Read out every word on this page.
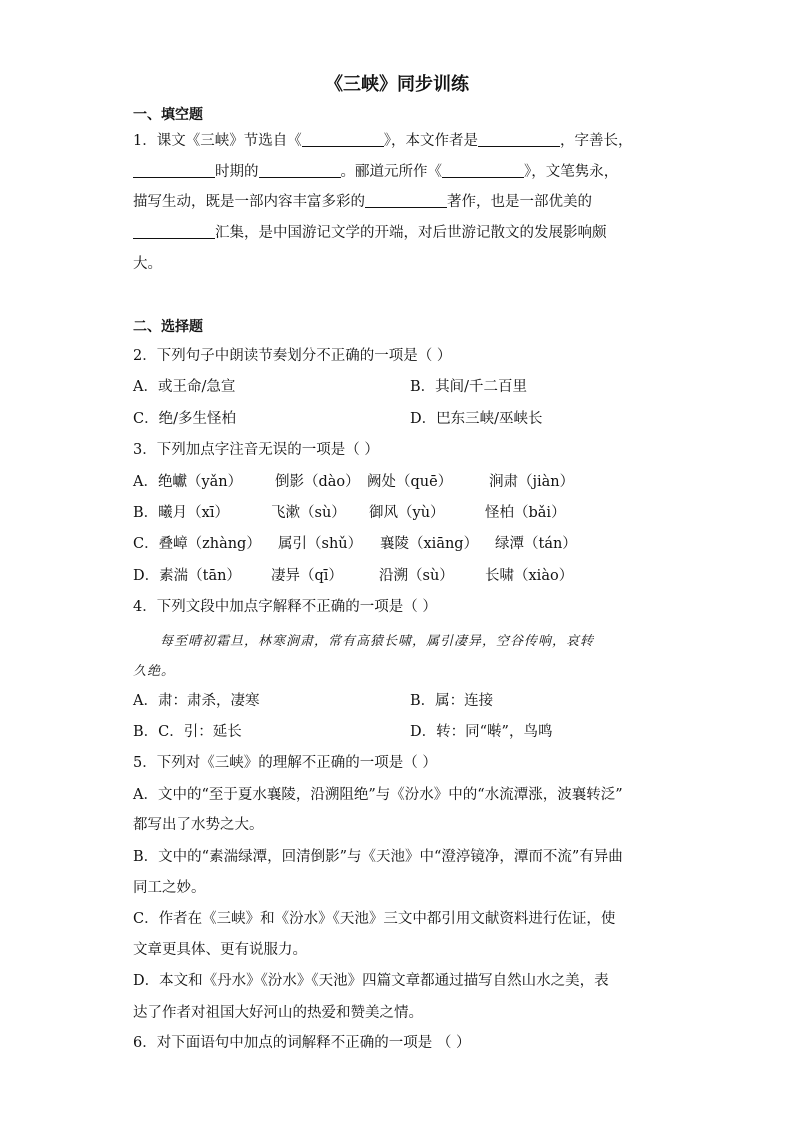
《三峡》同步训练
一、填空题
1．课文《三峡》节选自《	》，本文作者是	，字善长，
时期的	。郦道元所作《	》，文笔隽永，
描写生动，既是一部内容丰富多彩的	著作，也是一部优美的
汇集，是中国游记文学的开端，对后世游记散文的发展影响颇
大。
二、选择题
2．下列句子中朗读节奏划分不正确的一项是（ ）
A．或王命/急宣	B．其间/千二百里
C．绝/多生怪柏	D．巴东三峡/巫峡长
3．下列加点字注音无误的一项是（ ）
A．绝巘（yǎn） 倒影（dào） 阙处（quē）	涧肃（jiàn）
B．曦月（xī）	飞漱（sù） 御风（yù）	怪柏（bǎi）
C．叠嶂（zhàng） 属引（shǔ） 襄陵（xiāng） 绿潭（tán）
D．素湍（tān） 凄异（qī） 沿溯（sù） 长啸（xiào）
4．下列文段中加点字解释不正确的一项是（ ）
每至晴初霜旦，林寒涧肃，常有高猿长啸，属引凄异，空谷传响，哀转
久绝。
A．肃：肃杀，凄寒	B．属：连接
B．C．引：延长	D．转：同“啭”，鸟鸣
5．下列对《三峡》的理解不正确的一项是（ ）
A．文中的“至于夏水襄陵，沿溯阻绝”与《汾水》中的“水流潭涨，波襄转泛”
都写出了水势之大。
B．文中的“素湍绿潭，回清倒影”与《天池》中“澄渟镜净，潭而不流”有异曲
同工之妙。
C．作者在《三峡》和《汾水》《天池》三文中都引用文献资料进行佐证，使
文章更具体、更有说服力。
D．本文和《丹水》《汾水》《天池》四篇文章都通过描写自然山水之美，表
达了作者对祖国大好河山的热爱和赞美之情。
6．对下面语句中加点的词解释不正确的一项是 （ ）
